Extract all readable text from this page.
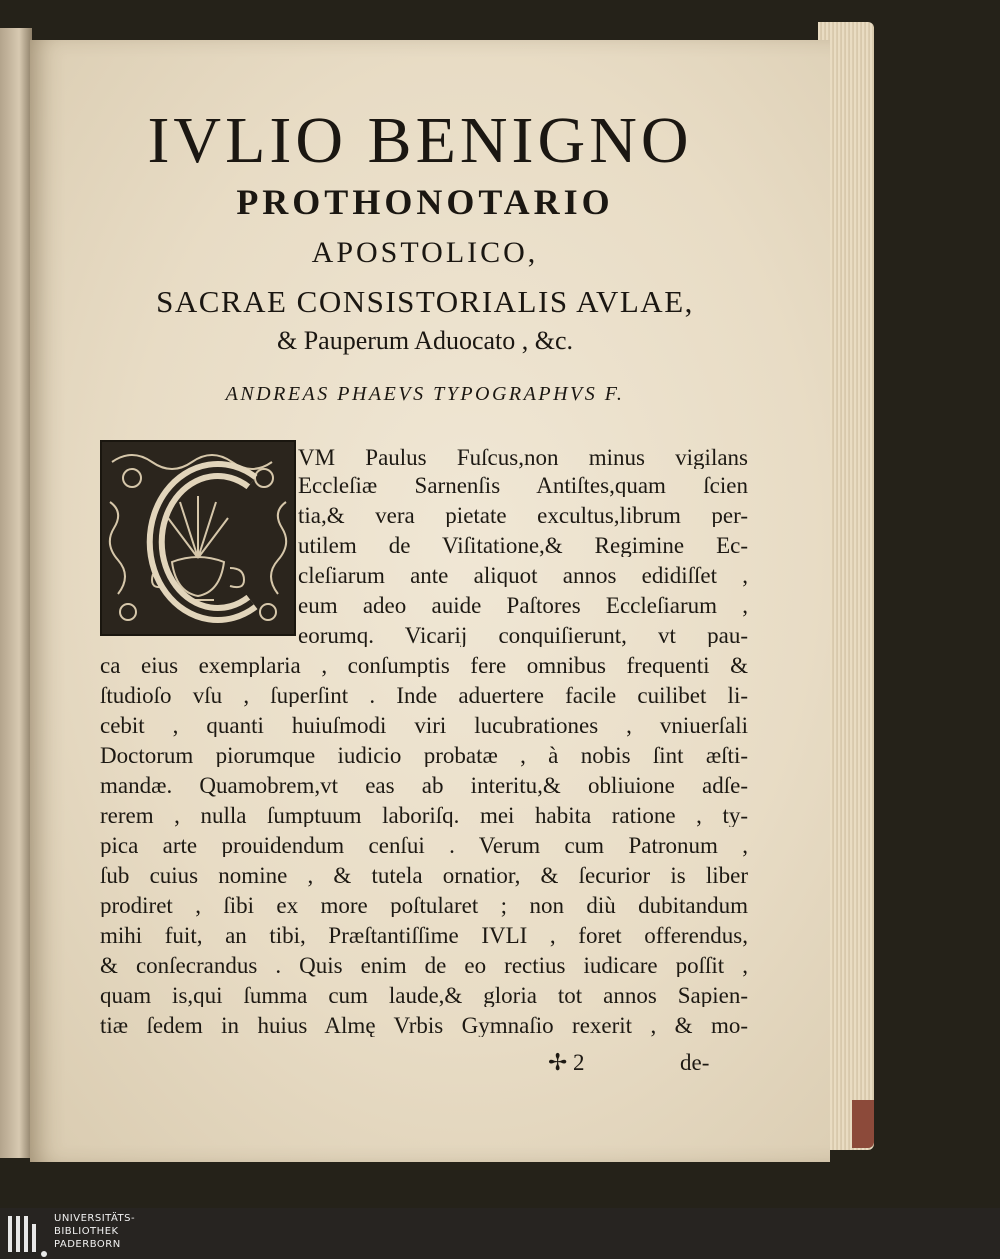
IVLIO BENIGNO
PROTHONOTARIO
APOSTOLICO,
SACRAE CONSISTORIALIS AVLAE,
& Pauperum Aduocato , &c.
ANDREAS PHAEVS TYPOGRAPHVS F.
VM Paulus Fuſcus,non minus vigilans
Eccleſiæ Sarnenſis Antiſtes,quam ſcien
tia,& vera pietate excultus,librum per-
utilem de Viſitatione,& Regimine Ec-
cleſiarum ante aliquot annos edidiſſet ,
eum adeo auide Paſtores Eccleſiarum ,
eorumq. Vicarij conquiſierunt, vt pau-
ca eius exemplaria , conſumptis fere omnibus frequenti &
ſtudioſo vſu , ſuperſint . Inde aduertere facile cuilibet li-
cebit , quanti huiuſmodi viri lucubrationes , vniuerſali
Doctorum piorumque iudicio probatæ , à nobis ſint æſti-
mandæ. Quamobrem,vt eas ab interitu,& obliuione adſe-
rerem , nulla ſumptuum laboriſq. mei habita ratione , ty-
pica arte prouidendum cenſui . Verum cum Patronum ,
ſub cuius nomine , & tutela ornatior, & ſecurior is liber
prodiret , ſibi ex more poſtularet ; non diù dubitandum
mihi fuit, an tibi, Præſtantiſſime IVLI , foret offerendus,
& conſecrandus . Quis enim de eo rectius iudicare poſſit ,
quam is,qui ſumma cum laude,& gloria tot annos Sapien-
tiæ ſedem in huius Almę Vrbis Gymnaſio rexerit , & mo-
✢ 2	de-
UNIVERSITÄTS-
BIBLIOTHEK
PADERBORN
